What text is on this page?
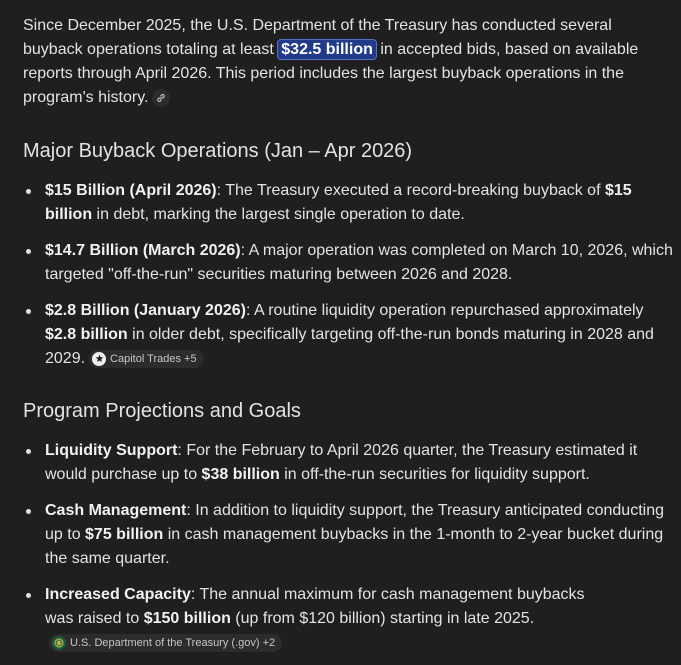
Since December 2025, the U.S. Department of the Treasury has conducted several buyback operations totaling at least $32.5 billion in accepted bids, based on available reports through April 2026. This period includes the largest buyback operations in the program's history.

Major Buyback Operations (Jan – Apr 2026)
$15 Billion (April 2026): The Treasury executed a record-breaking buyback of $15 billion in debt, marking the largest single operation to date.
$14.7 Billion (March 2026): A major operation was completed on March 10, 2026, which targeted "off-the-run" securities maturing between 2026 and 2028.
$2.8 Billion (January 2026): A routine liquidity operation repurchased approximately $2.8 billion in older debt, specifically targeting off-the-run bonds maturing in 2028 and 2029. Capitol Trades +5
Program Projections and Goals
Liquidity Support: For the February to April 2026 quarter, the Treasury estimated it would purchase up to $38 billion in off-the-run securities for liquidity support.
Cash Management: In addition to liquidity support, the Treasury anticipated conducting up to $75 billion in cash management buybacks in the 1-month to 2-year bucket during the same quarter.
Increased Capacity: The annual maximum for cash management buybacks was raised to $150 billion (up from $120 billion) starting in late 2025.
U.S. Department of the Treasury (.gov) +2
